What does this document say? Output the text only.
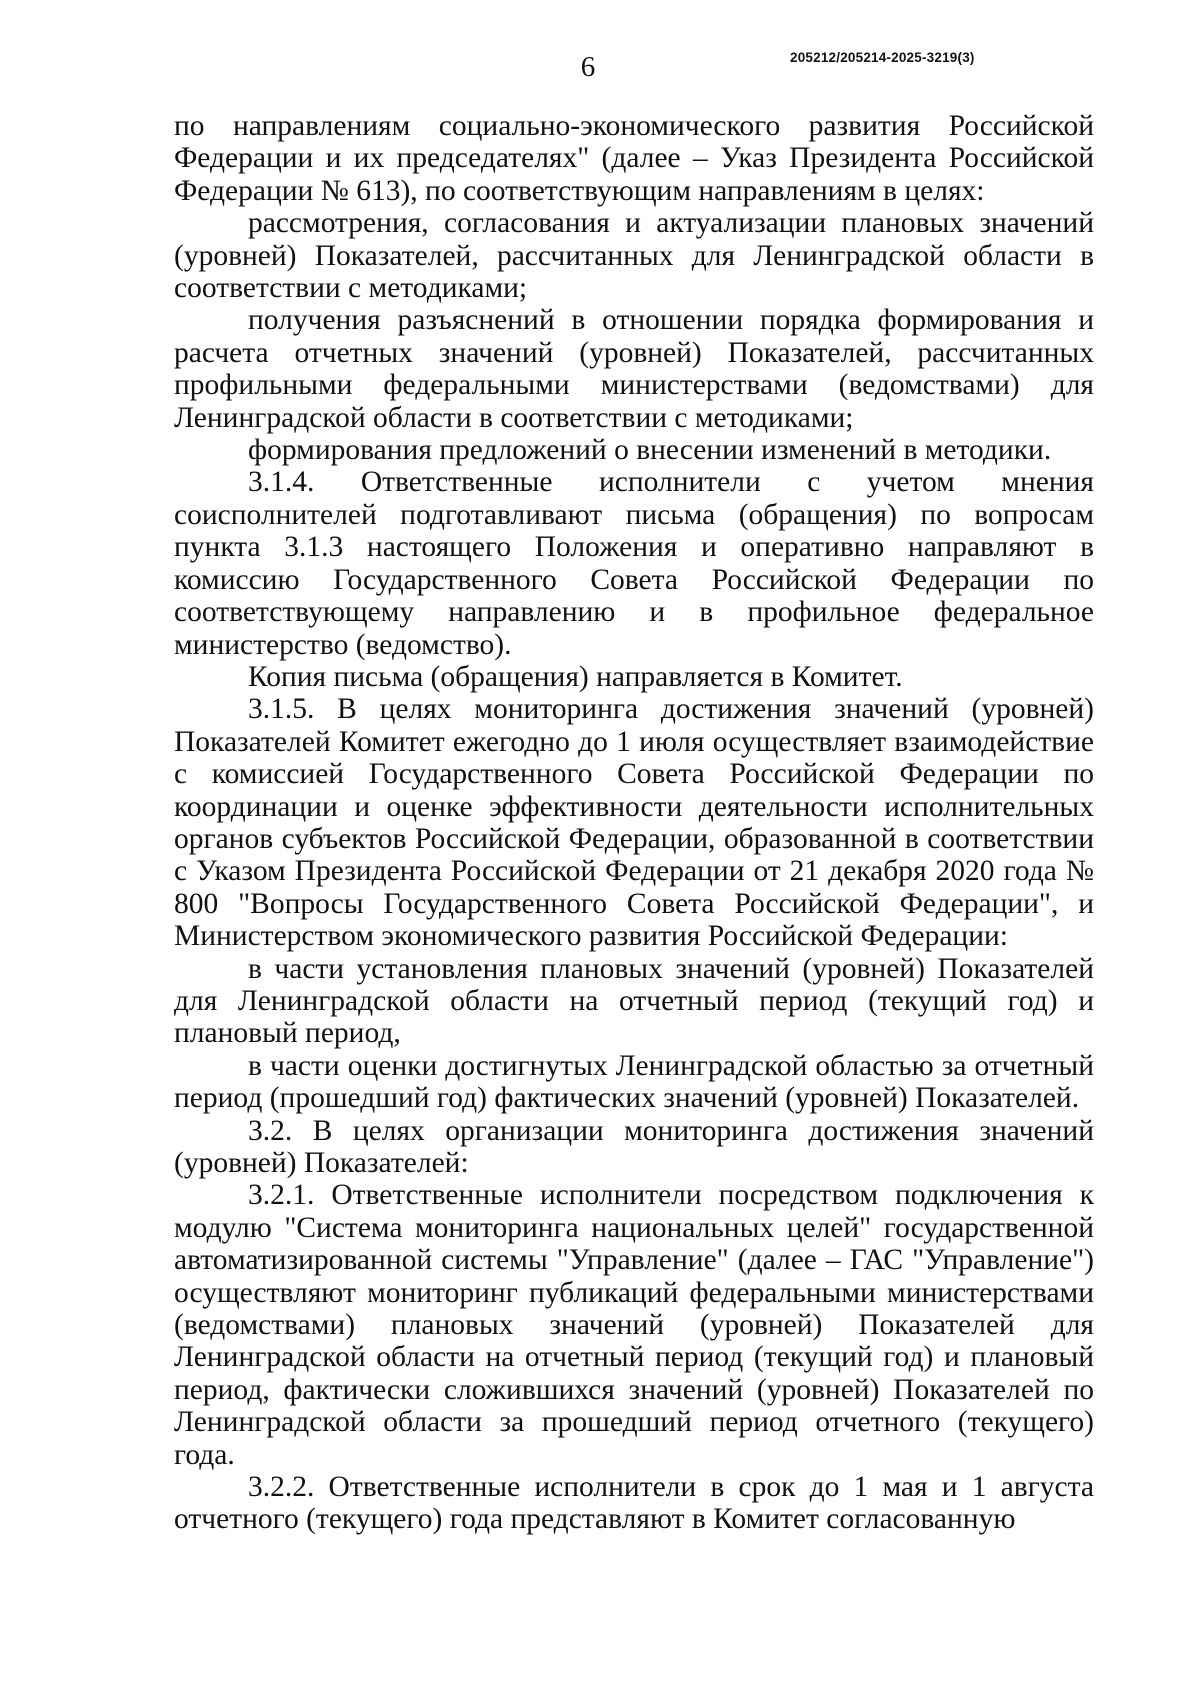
6	205212/205214-2025-3219(3)

по направлениям социально-экономического развития Российской Федерации и их председателях" (далее – Указ Президента Российской Федерации № 613), по соответствующим направлениям в целях:

рассмотрения, согласования и актуализации плановых значений (уровней) Показателей, рассчитанных для Ленинградской области в соответствии с методиками;

получения разъяснений в отношении порядка формирования и расчета отчетных значений (уровней) Показателей, рассчитанных профильными федеральными министерствами (ведомствами) для Ленинградской области в соответствии с методиками;

формирования предложений о внесении изменений в методики.

3.1.4. Ответственные исполнители с учетом мнения соисполнителей подготавливают письма (обращения) по вопросам пункта 3.1.3 настоящего Положения и оперативно направляют в комиссию Государственного Совета Российской Федерации по соответствующему направлению и в профильное федеральное министерство (ведомство).

Копия письма (обращения) направляется в Комитет.

3.1.5. В целях мониторинга достижения значений (уровней) Показателей Комитет ежегодно до 1 июля осуществляет взаимодействие с комиссией Государственного Совета Российской Федерации по координации и оценке эффективности деятельности исполнительных органов субъектов Российской Федерации, образованной в соответствии с Указом Президента Российской Федерации от 21 декабря 2020 года № 800 "Вопросы Государственного Совета Российской Федерации", и Министерством экономического развития Российской Федерации:

в части установления плановых значений (уровней) Показателей для Ленинградской области на отчетный период (текущий год) и плановый период,

в части оценки достигнутых Ленинградской областью за отчетный период (прошедший год) фактических значений (уровней) Показателей.

3.2. В целях организации мониторинга достижения значений (уровней) Показателей:

3.2.1. Ответственные исполнители посредством подключения к модулю "Система мониторинга национальных целей" государственной автоматизированной системы "Управление" (далее – ГАС "Управление") осуществляют мониторинг публикаций федеральными министерствами (ведомствами) плановых значений (уровней) Показателей для Ленинградской области на отчетный период (текущий год) и плановый период, фактически сложившихся значений (уровней) Показателей по Ленинградской области за прошедший период отчетного (текущего) года.

3.2.2. Ответственные исполнители в срок до 1 мая и 1 августа отчетного (текущего) года представляют в Комитет согласованную
